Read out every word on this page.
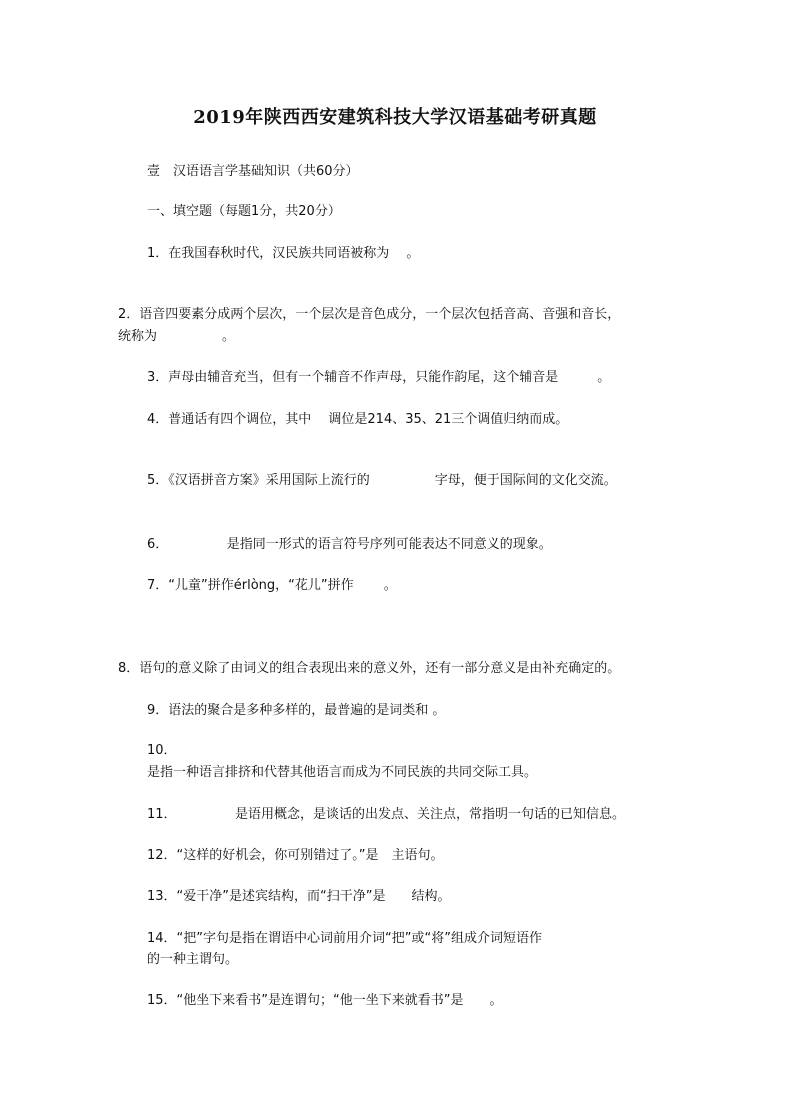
2019年陕西西安建筑科技大学汉语基础考研真题

壹　汉语语言学基础知识（共60分）

一、填空题（每题1分，共20分）

1．在我国春秋时代，汉民族共同语被称为　 。

2．语音四要素分成两个层次，一个层次是音色成分，一个层次包括音高、音强和音长，

统称为　　　　　。

3．声母由辅音充当，但有一个辅音不作声母，只能作韵尾，这个辅音是　　　。

4．普通话有四个调位，其中　 调位是214、35、21三个调值归纳而成。

5．《汉语拼音方案》采用国际上流行的　　　　　字母，便于国际间的文化交流。

6．　　　　　是指同一形式的语言符号序列可能表达不同意义的现象。

7．“儿童”拼作érlòng，“花儿”拼作　　 。

8．语句的意义除了由词义的组合表现出来的意义外，还有一部分意义是由补充确定的。

9．语法的聚合是多种多样的，最普遍的是词类和 。

10．

是指一种语言排挤和代替其他语言而成为不同民族的共同交际工具。

11．　　　　　是语用概念，是谈话的出发点、关注点，常指明一句话的已知信息。

12．“这样的好机会，你可别错过了。”是　主语句。

13．“爱干净”是述宾结构，而“扫干净”是　　结构。

14．“把”字句是指在谓语中心词前用介词“把”或“将”组成介词短语作

的一种主谓句。

15．“他坐下来看书”是连谓句；“他一坐下来就看书”是　　。
